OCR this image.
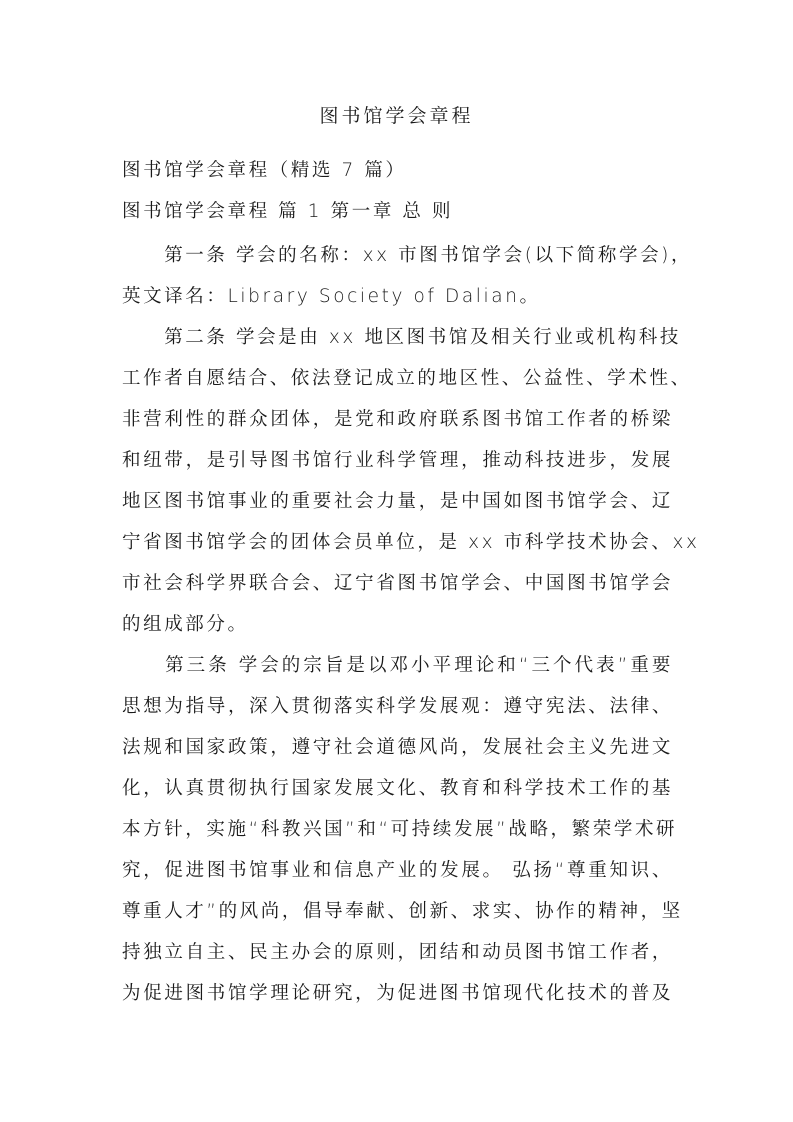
图书馆学会章程
图书馆学会章程（精选 7 篇）
图书馆学会章程 篇 1 第一章 总 则
　　第一条 学会的名称：xx 市图书馆学会(以下简称学会)，
英文译名：Library Society of Dalian。
　　第二条 学会是由 xx 地区图书馆及相关行业或机构科技
工作者自愿结合、依法登记成立的地区性、公益性、学术性、
非营利性的群众团体，是党和政府联系图书馆工作者的桥梁
和纽带，是引导图书馆行业科学管理，推动科技进步，发展
地区图书馆事业的重要社会力量，是中国如图书馆学会、辽
宁省图书馆学会的团体会员单位，是 xx 市科学技术协会、xx
市社会科学界联合会、辽宁省图书馆学会、中国图书馆学会
的组成部分。
　　第三条 学会的宗旨是以邓小平理论和“三个代表”重要
思想为指导，深入贯彻落实科学发展观：遵守宪法、法律、
法规和国家政策，遵守社会道德风尚，发展社会主义先进文
化，认真贯彻执行国家发展文化、教育和科学技术工作的基
本方针，实施“科教兴国”和“可持续发展”战略，繁荣学术研
究，促进图书馆事业和信息产业的发展。 弘扬“尊重知识、
尊重人才”的风尚，倡导奉献、创新、求实、协作的精神，坚
持独立自主、民主办会的原则，团结和动员图书馆工作者，
为促进图书馆学理论研究，为促进图书馆现代化技术的普及
